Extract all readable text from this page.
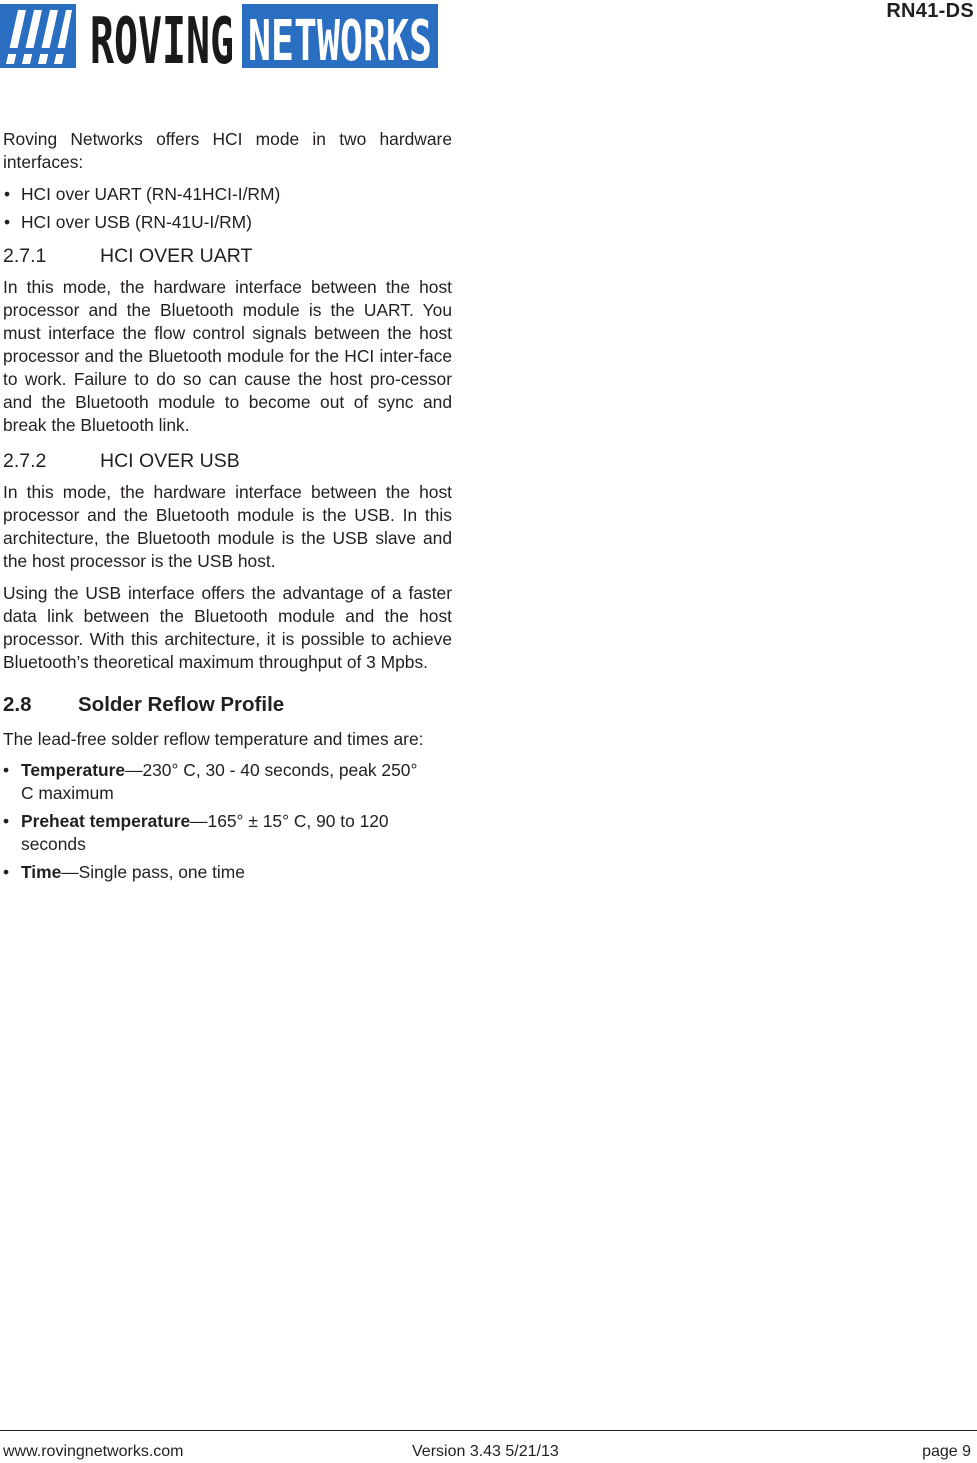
ROVING NETWORKS	RN41-DS

Roving Networks offers HCI mode in two hardware interfaces:

• HCI over UART (RN-41HCI-I/RM)
• HCI over USB (RN-41U-I/RM)
2.7.1	HCI OVER UART

In this mode, the hardware interface between the host processor and the Bluetooth module is the UART. You must interface the flow control signals between the host processor and the Bluetooth module for the HCI inter-face to work. Failure to do so can cause the host pro-cessor and the Bluetooth module to become out of sync and break the Bluetooth link.

2.7.2	HCI OVER USB

In this mode, the hardware interface between the host processor and the Bluetooth module is the USB. In this architecture, the Bluetooth module is the USB slave and the host processor is the USB host.

Using the USB interface offers the advantage of a faster data link between the Bluetooth module and the host processor. With this architecture, it is possible to achieve Bluetooth’s theoretical maximum throughput of 3 Mpbs.

2.8	Solder Reflow Profile

The lead-free solder reflow temperature and times are:

• Temperature—230° C, 30 - 40 seconds, peak 250° C maximum
• Preheat temperature—165° ± 15° C, 90 to 120 seconds
• Time—Single pass, one time
www.rovingnetworks.com	Version 3.43 5/21/13	page 9
